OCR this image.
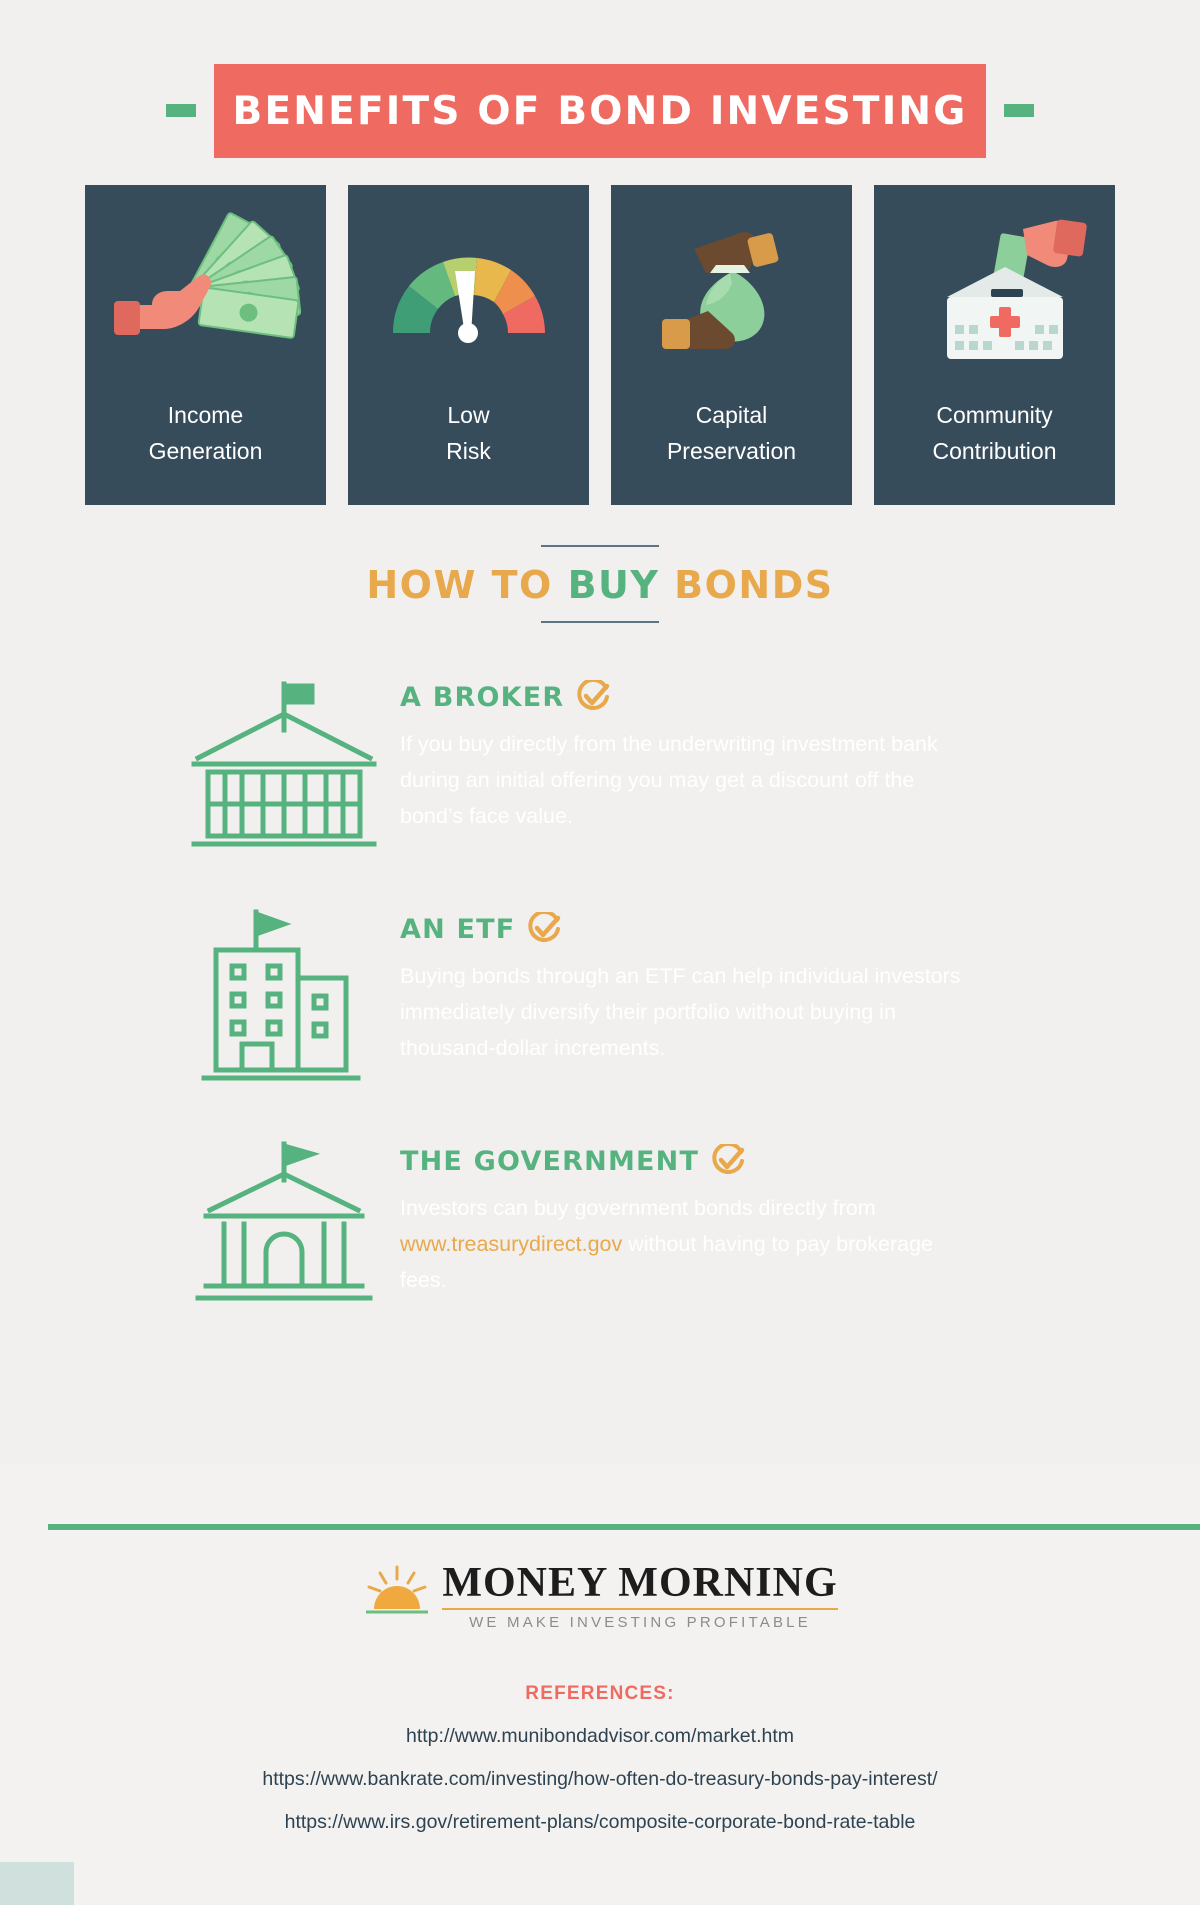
BENEFITS OF BOND INVESTING
Income
Generation
Low
Risk
Capital
Preservation
Community
Contribution
HOW TO BUY BONDS
A BROKER
If you buy directly from the underwriting investment bank during an initial offering you may get a discount off the bond’s face value.
AN ETF
Buying bonds through an ETF can help individual investors immediately diversify their portfolio without buying in thousand-dollar increments.
THE GOVERNMENT
Investors can buy government bonds directly from www.treasurydirect.gov without having to pay brokerage fees.
MONEY MORNING
WE MAKE INVESTING PROFITABLE
REFERENCES:
http://www.munibondadvisor.com/market.htm
https://www.bankrate.com/investing/how-often-do-treasury-bonds-pay-interest/
https://www.irs.gov/retirement-plans/composite-corporate-bond-rate-table
